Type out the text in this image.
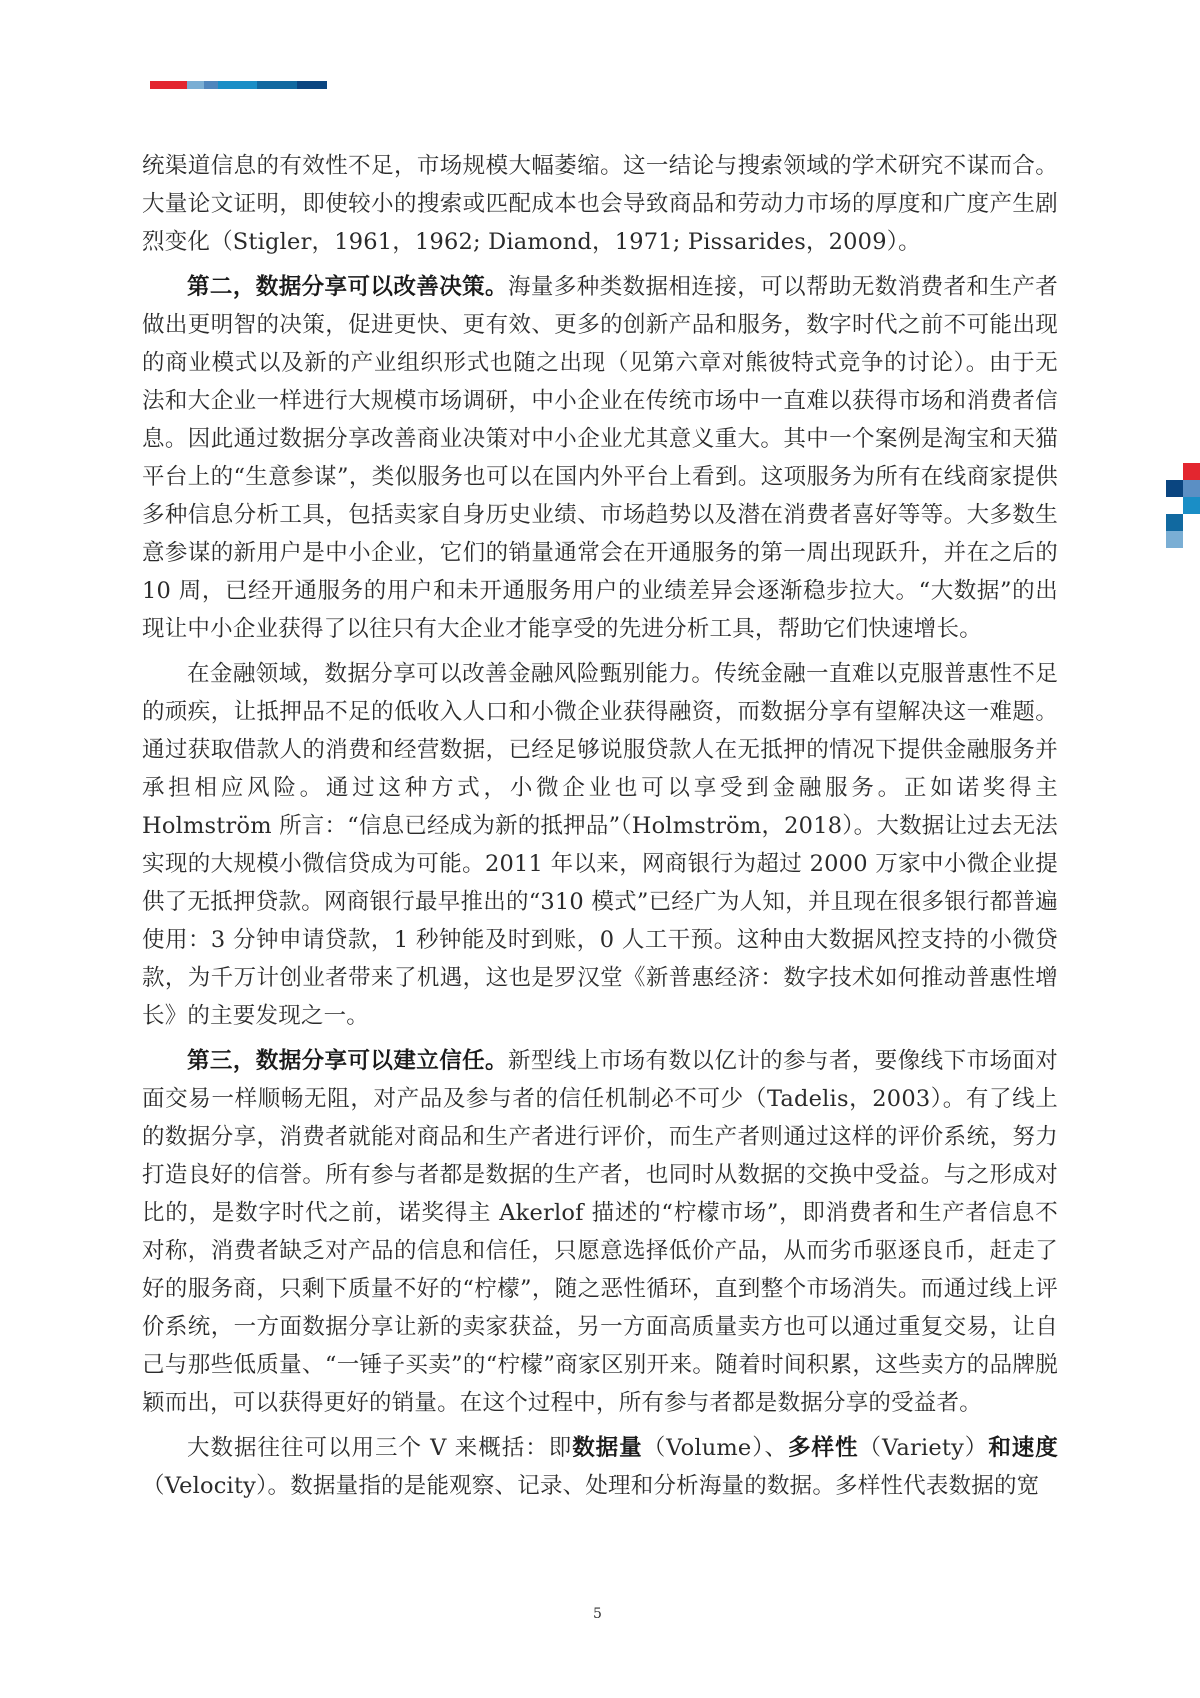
统渠道信息的有效性不足，市场规模大幅萎缩。这一结论与搜索领域的学术研究不谋而合。大量论文证明，即使较小的搜索或匹配成本也会导致商品和劳动力市场的厚度和广度产生剧烈变化（Stigler，1961，1962; Diamond，1971; Pissarides，2009）。

第二，数据分享可以改善决策。海量多种类数据相连接，可以帮助无数消费者和生产者做出更明智的决策，促进更快、更有效、更多的创新产品和服务，数字时代之前不可能出现的商业模式以及新的产业组织形式也随之出现（见第六章对熊彼特式竞争的讨论）。由于无法和大企业一样进行大规模市场调研，中小企业在传统市场中一直难以获得市场和消费者信息。因此通过数据分享改善商业决策对中小企业尤其意义重大。其中一个案例是淘宝和天猫平台上的“生意参谋”，类似服务也可以在国内外平台上看到。这项服务为所有在线商家提供多种信息分析工具，包括卖家自身历史业绩、市场趋势以及潜在消费者喜好等等。大多数生意参谋的新用户是中小企业，它们的销量通常会在开通服务的第一周出现跃升，并在之后的 10 周，已经开通服务的用户和未开通服务用户的业绩差异会逐渐稳步拉大。“大数据”的出现让中小企业获得了以往只有大企业才能享受的先进分析工具，帮助它们快速增长。

在金融领域，数据分享可以改善金融风险甄别能力。传统金融一直难以克服普惠性不足的顽疾，让抵押品不足的低收入人口和小微企业获得融资，而数据分享有望解决这一难题。通过获取借款人的消费和经营数据，已经足够说服贷款人在无抵押的情况下提供金融服务并承担相应风险。通过这种方式，小微企业也可以享受到金融服务。正如诺奖得主 Holmström 所言：“信息已经成为新的抵押品”（Holmström，2018）。大数据让过去无法实现的大规模小微信贷成为可能。2011 年以来，网商银行为超过 2000 万家中小微企业提供了无抵押贷款。网商银行最早推出的“310 模式”已经广为人知，并且现在很多银行都普遍使用：3 分钟申请贷款，1 秒钟能及时到账，0 人工干预。这种由大数据风控支持的小微贷款，为千万计创业者带来了机遇，这也是罗汉堂《新普惠经济：数字技术如何推动普惠性增长》的主要发现之一。

第三，数据分享可以建立信任。新型线上市场有数以亿计的参与者，要像线下市场面对面交易一样顺畅无阻，对产品及参与者的信任机制必不可少（Tadelis，2003）。有了线上的数据分享，消费者就能对商品和生产者进行评价，而生产者则通过这样的评价系统，努力打造良好的信誉。所有参与者都是数据的生产者，也同时从数据的交换中受益。与之形成对比的，是数字时代之前，诺奖得主 Akerlof 描述的“柠檬市场”，即消费者和生产者信息不对称，消费者缺乏对产品的信息和信任，只愿意选择低价产品，从而劣币驱逐良币，赶走了好的服务商，只剩下质量不好的“柠檬”，随之恶性循环，直到整个市场消失。而通过线上评价系统，一方面数据分享让新的卖家获益，另一方面高质量卖方也可以通过重复交易，让自己与那些低质量、“一锤子买卖”的“柠檬”商家区别开来。随着时间积累，这些卖方的品牌脱颖而出，可以获得更好的销量。在这个过程中，所有参与者都是数据分享的受益者。

大数据往往可以用三个 V 来概括：即数据量（Volume）、多样性（Variety）和速度（Velocity）。数据量指的是能观察、记录、处理和分析海量的数据。多样性代表数据的宽

5
